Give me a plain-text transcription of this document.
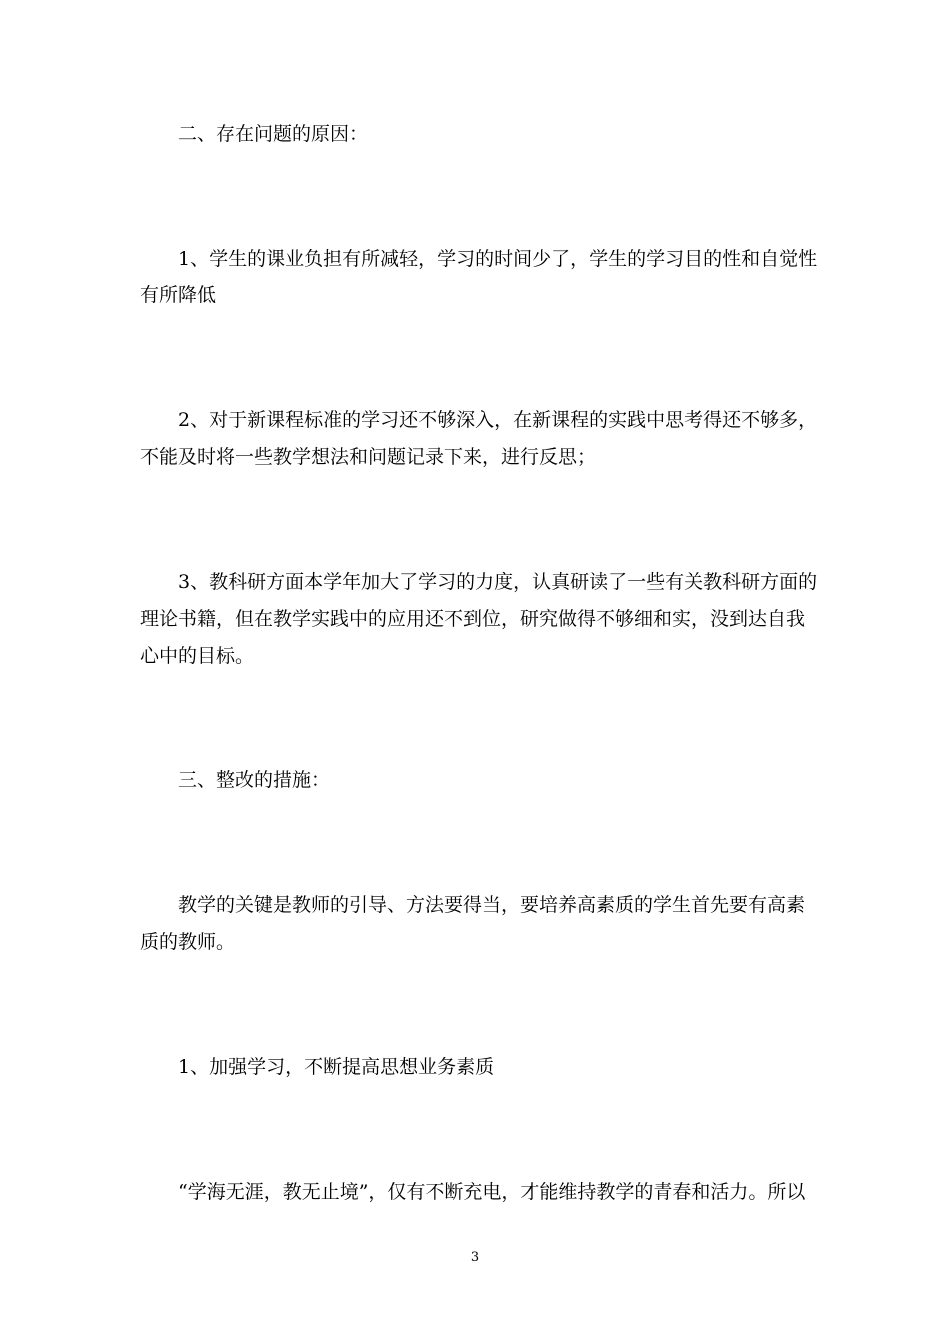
二、存在问题的原因：
1、学生的课业负担有所减轻，学习的时间少了，学生的学习目的性和自觉性
有所降低
2、对于新课程标准的学习还不够深入，在新课程的实践中思考得还不够多，
不能及时将一些教学想法和问题记录下来，进行反思；
3、教科研方面本学年加大了学习的力度，认真研读了一些有关教科研方面的
理论书籍，但在教学实践中的应用还不到位，研究做得不够细和实，没到达自我
心中的目标。
三、整改的措施：
教学的关键是教师的引导、方法要得当，要培养高素质的学生首先要有高素
质的教师。
1、加强学习，不断提高思想业务素质
“学海无涯，教无止境”，仅有不断充电，才能维持教学的青春和活力。所以
3
